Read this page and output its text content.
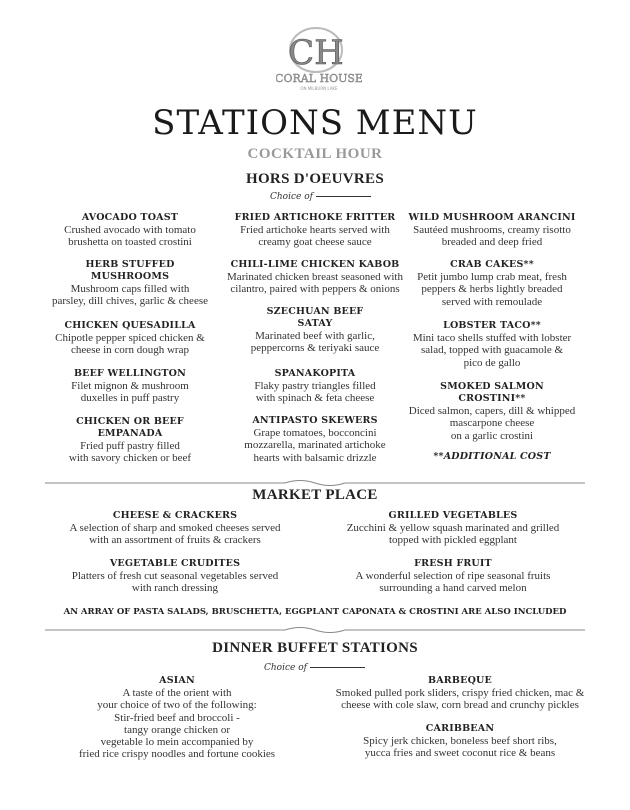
CH
CORAL HOUSE
ON MILBURN LAKE
STATIONS MENU
COCKTAIL HOUR
HORS D'OEUVRES
Choice of
AVOCADO TOAST
Crushed avocado with tomato
brushetta on toasted crostini
HERB STUFFED
MUSHROOMS
Mushroom caps filled with
parsley, dill chives, garlic & cheese
CHICKEN QUESADILLA
Chipotle pepper spiced chicken &
cheese in corn dough wrap
BEEF WELLINGTON
Filet mignon & mushroom
duxelles in puff pastry
CHICKEN OR BEEF
EMPANADA
Fried puff pastry filled
with savory chicken or beef
FRIED ARTICHOKE FRITTER
Fried artichoke hearts served with
creamy goat cheese sauce
CHILI-LIME CHICKEN KABOB
Marinated chicken breast seasoned with
cilantro, paired with peppers & onions
SZECHUAN BEEF
SATAY
Marinated beef with garlic,
peppercorns & teriyaki sauce
SPANAKOPITA
Flaky pastry triangles filled
with spinach & feta cheese
ANTIPASTO SKEWERS
Grape tomatoes, bocconcini
mozzarella, marinated artichoke
hearts with balsamic drizzle
WILD MUSHROOM ARANCINI
Sautéed mushrooms, creamy risotto
breaded and deep fried
CRAB CAKES**
Petit jumbo lump crab meat, fresh
peppers & herbs lightly breaded
served with remoulade
LOBSTER TACO**
Mini taco shells stuffed with lobster
salad, topped with guacamole &
pico de gallo
SMOKED SALMON
CROSTINI**
Diced salmon, capers, dill & whipped
mascarpone cheese
on a garlic crostini
**ADDITIONAL COST
MARKET PLACE
CHEESE & CRACKERS
A selection of sharp and smoked cheeses served
with an assortment of fruits & crackers
GRILLED VEGETABLES
Zucchini & yellow squash marinated and grilled
topped with pickled eggplant
VEGETABLE CRUDITES
Platters of fresh cut seasonal vegetables served
with ranch dressing
FRESH FRUIT
A wonderful selection of ripe seasonal fruits
surrounding a hand carved melon
AN ARRAY OF PASTA SALADS, BRUSCHETTA, EGGPLANT CAPONATA & CROSTINI ARE ALSO INCLUDED
DINNER BUFFET STATIONS
Choice of
ASIAN
A taste of the orient with
your choice of two of the following:
Stir-fried beef and broccoli -
tangy orange chicken or
vegetable lo mein accompanied by
fried rice crispy noodles and fortune cookies
BARBEQUE
Smoked pulled pork sliders, crispy fried chicken, mac &
cheese with cole slaw, corn bread and crunchy pickles
CARIBBEAN
Spicy jerk chicken, boneless beef short ribs,
yucca fries and sweet coconut rice & beans
